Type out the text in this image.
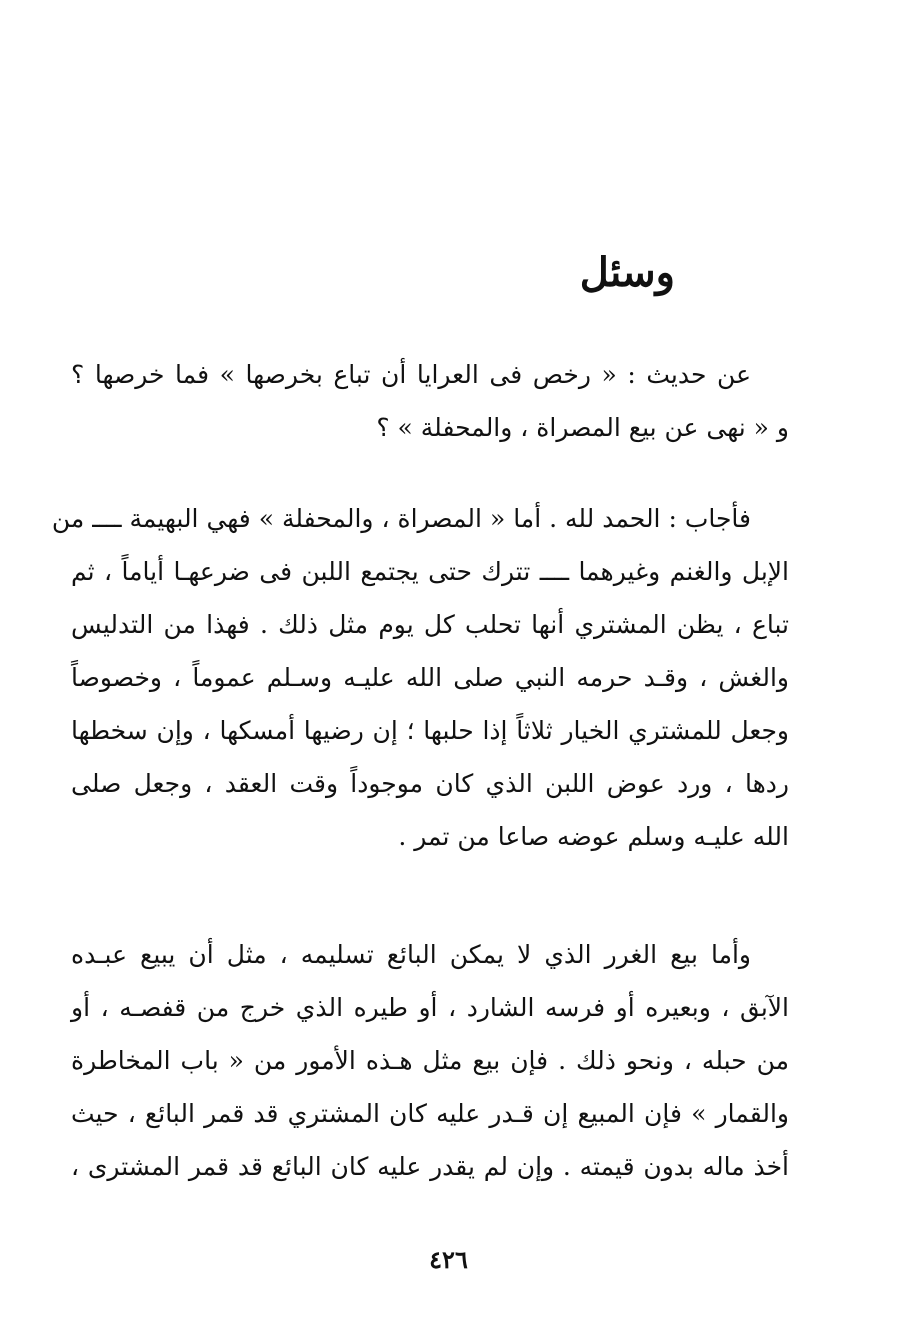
وسئل
عن حديث : « رخص فى العرايا أن تباع بخرصها » فما خرصها ؟
و « نهى عن بيع المصراة ، والمحفلة » ؟
فأجاب : الحمد لله . أما « المصراة ، والمحفلة » فهي البهيمة ــــ من
الإبل والغنم وغيرهما ــــ تترك حتى يجتمع اللبن فى ضرعهـا أياماً ، ثم
تباع ، يظن المشتري أنها تحلب كل يوم مثل ذلك . فهذا من التدليس
والغش ، وقـد حرمه النبي صلى الله عليـه وسـلم عموماً ، وخصوصاً
وجعل للمشتري الخيار ثلاثاً إذا حلبها ؛ إن رضيها أمسكها ، وإن سخطها
ردها ، ورد عوض اللبن الذي كان موجوداً وقت العقد ، وجعل صلى
الله عليـه وسلم عوضه صاعا من تمر .
وأما بيع الغرر الذي لا يمكن البائع تسليمه ، مثل أن يبيع عبـده
الآبق ، وبعيره أو فرسه الشارد ، أو طيره الذي خرج من قفصـه ، أو
من حبله ، ونحو ذلك . فإن بيع مثل هـذه الأمور من « باب المخاطرة
والقمار » فإن المبيع إن قـدر عليه كان المشتري قد قمر البائع ، حيث
أخذ ماله بدون قيمته . وإن لم يقدر عليه كان البائع قد قمر المشترى ،
٤٢٦
